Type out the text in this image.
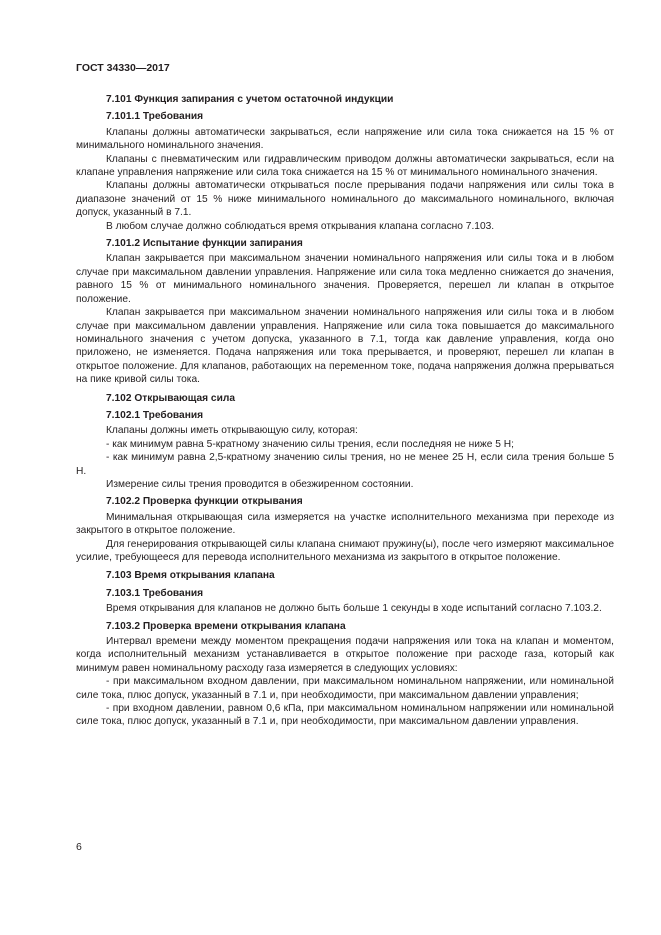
ГОСТ 34330—2017
7.101 Функция запирания с учетом остаточной индукции
7.101.1 Требования

Клапаны должны автоматически закрываться, если напряжение или сила тока снижается на 15 % от минимального номинального значения.

Клапаны с пневматическим или гидравлическим приводом должны автоматически закрываться, если на клапане управления напряжение или сила тока снижается на 15 % от минимального номинального значения.

Клапаны должны автоматически открываться после прерывания подачи напряжения или силы тока в диапазоне значений от 15 % ниже минимального номинального до максимального номинального, включая допуск, указанный в 7.1.

В любом случае должно соблюдаться время открывания клапана согласно 7.103.

7.101.2 Испытание функции запирания

Клапан закрывается при максимальном значении номинального напряжения или силы тока и в любом случае при максимальном давлении управления. Напряжение или сила тока медленно снижается до значения, равного 15 % от минимального номинального значения. Проверяется, перешел ли клапан в открытое положение.

Клапан закрывается при максимальном значении номинального напряжения или силы тока и в любом случае при максимальном давлении управления. Напряжение или сила тока повышается до максимального номинального значения с учетом допуска, указанного в 7.1, тогда как давление управления, когда оно приложено, не изменяется. Подача напряжения или тока прерывается, и проверяют, перешел ли клапан в открытое положение. Для клапанов, работающих на переменном токе, подача напряжения должна прерываться на пике кривой силы тока.

7.102 Открывающая сила
7.102.1 Требования

Клапаны должны иметь открывающую силу, которая:

- как минимум равна 5-кратному значению силы трения, если последняя не ниже 5 Н;

- как минимум равна 2,5-кратному значению силы трения, но не менее 25 Н, если сила трения больше 5 Н.

Измерение силы трения проводится в обезжиренном состоянии.

7.102.2 Проверка функции открывания

Минимальная открывающая сила измеряется на участке исполнительного механизма при переходе из закрытого в открытое положение.

Для генерирования открывающей силы клапана снимают пружину(ы), после чего измеряют максимальное усилие, требующееся для перевода исполнительного механизма из закрытого в открытое положение.

7.103 Время открывания клапана
7.103.1 Требования

Время открывания для клапанов не должно быть больше 1 секунды в ходе испытаний согласно 7.103.2.

7.103.2 Проверка времени открывания клапана

Интервал времени между моментом прекращения подачи напряжения или тока на клапан и моментом, когда исполнительный механизм устанавливается в открытое положение при расходе газа, который как минимум равен номинальному расходу газа измеряется в следующих условиях:

- при максимальном входном давлении, при максимальном номинальном напряжении, или номинальной силе тока, плюс допуск, указанный в 7.1 и, при необходимости, при максимальном давлении управления;

- при входном давлении, равном 0,6 кПа, при максимальном номинальном напряжении или номинальной силе тока, плюс допуск, указанный в 7.1 и, при необходимости, при максимальном давлении управления.

6
